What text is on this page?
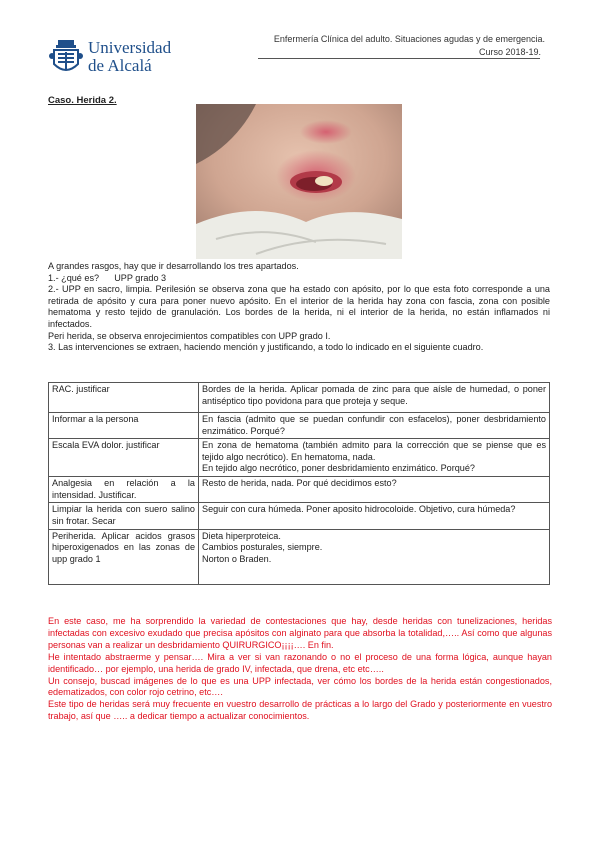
Universidad
de Alcalá
Enfermería Clínica del adulto. Situaciones agudas y de emergencia.
Curso 2018-19.
Caso. Herida 2.

A grandes rasgos, hay que ir desarrollando los tres apartados.

1.- ¿qué es?      UPP grado 3

2.- UPP en sacro, limpia. Perilesión se observa zona que ha estado con apósito, por lo que esta foto corresponde a una retirada de apósito y cura para poner nuevo apósito. En el interior de la herida hay zona con fascia, zona con posible hematoma y resto tejido de granulación. Los bordes de la herida, ni el interior de la herida, no están inflamados ni infectados.

Peri herida, se observa enrojecimientos compatibles con UPP grado I.

3. Las intervenciones se extraen, haciendo mención y justificando, a todo lo indicado en el siguiente cuadro.

RAC. justificar	Bordes de la herida. Aplicar pomada de zinc para que aísle de humedad, o poner antiséptico tipo povidona para que proteja y seque.

Informar a la persona	En fascia (admito que se puedan confundir con esfacelos), poner desbridamiento enzimático. Porqué?

Escala EVA dolor. justificar	En zona de hematoma (también admito para la corrección que se piense que es tejido algo necrótico). En hematoma, nada.
En tejido algo necrótico, poner desbridamiento enzimático. Porqué?

Analgesia en relación a la intensidad. Justificar.	Resto de herida, nada. Por qué decidimos esto?

Limpiar la herida con suero salino sin frotar. Secar	Seguir con cura húmeda. Poner aposito hidrocoloide. Objetivo, cura húmeda?

Periherida. Aplicar acidos grasos hiperoxigenados en las zonas de upp grado 1	Dieta hiperproteica.
Cambios posturales, siempre.
Norton o Braden.

En este caso, me ha sorprendido la variedad de contestaciones que hay, desde heridas con tunelizaciones, heridas infectadas con excesivo exudado que precisa apósitos con alginato para que absorba la totalidad,….. Así como que algunas personas van a realizar un desbridamiento QUIRURGICO¡¡¡¡…. En fin.

He intentado abstraerme y pensar…. Mira a ver si van razonando o no el proceso de una forma lógica, aunque hayan identificado… por ejemplo, una herida de grado IV, infectada, que drena, etc etc…..

Un consejo, buscad imágenes de lo que es una UPP infectada, ver cómo los bordes de la herida están congestionados, edematizados, con color rojo cetrino, etc….

Este tipo de heridas será muy frecuente en vuestro desarrollo de prácticas a lo largo del Grado y posteriormente en vuestro trabajo, así que ….. a dedicar tiempo a actualizar conocimientos.
